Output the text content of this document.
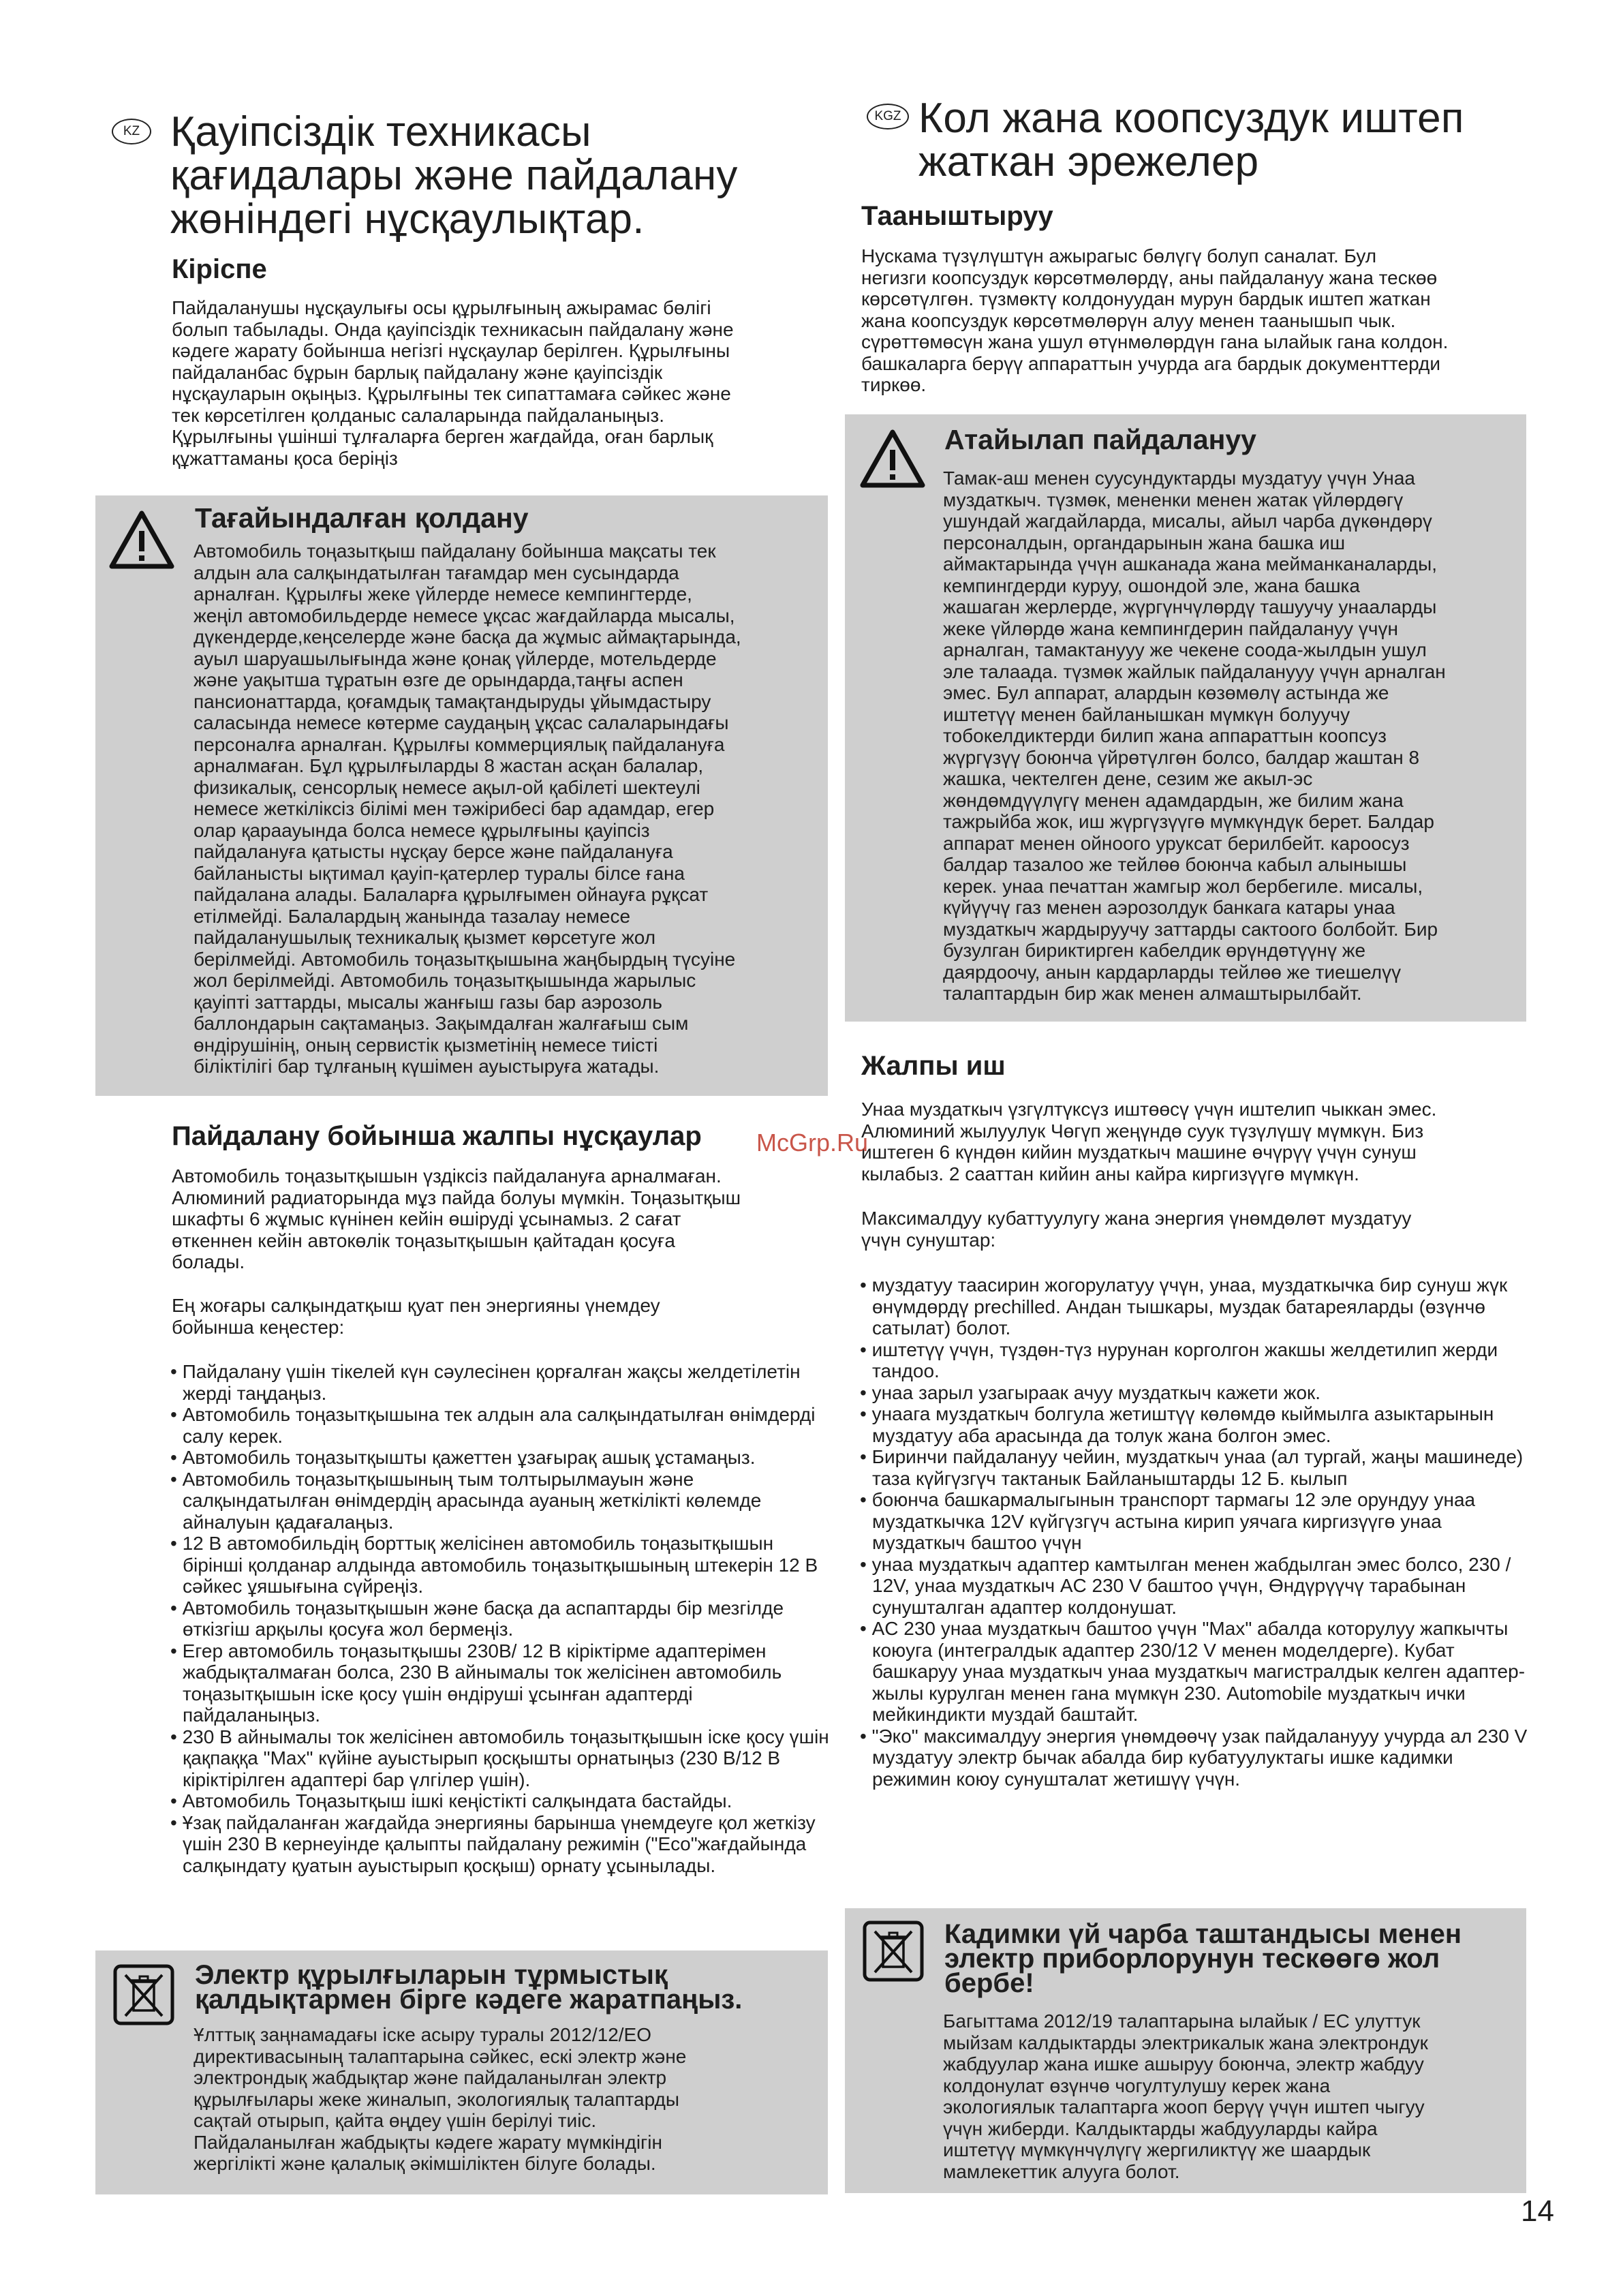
KZ Қауіпсіздік техникасы
қағидалары және пайдалану
жөніндегі нұсқаулықтар.
Кіріспе

Пайдаланушы нұсқаулығы осы құрылғының ажырамас бөлігі
болып табылады. Онда қауіпсіздік техникасын пайдалану және
кәдеге жарату бойынша негізгі нұсқаулар берілген. Құрылғыны
пайдаланбас бұрын барлық пайдалану және қауіпсіздік
нұсқауларын оқыңыз. Құрылғыны тек сипаттамаға сәйкес және
тек көрсетілген қолданыс салаларында пайдаланыңыз.
Құрылғыны үшінші тұлғаларға берген жағдайда, оған барлық
құжаттаманы қоса беріңіз

Тағайындалған қолдану

Автомобиль тоңазытқыш пайдалану бойынша мақсаты тек
алдын ала салқындатылған тағамдар мен сусындарда
арналған. Құрылғы жеке үйлерде немесе кемпингтерде,
жеңіл автомобильдерде немесе ұқсас жағдайларда мысалы,
дүкендерде,кеңселерде және басқа да жұмыс аймақтарында,
ауыл шаруашылығында және қонақ үйлерде, мотельдерде
және уақытша тұратын өзге де орындарда,таңғы аспен
пансионаттарда, қоғамдық тамақтандыруды ұйымдастыру
саласында немесе көтерме саудаңың ұқсас салаларындағы
персоналға арналған. Құрылғы коммерциялық пайдалануға
арналмаған. Бұл құрылғыларды 8 жастан асқан балалар,
физикалық, сенсорлық немесе ақыл-ой қабілеті шектеулі
немесе жеткіліксіз білімі мен тәжірибесі бар адамдар, егер
олар қараауында болса немесе құрылғыны қауіпсіз
пайдалануға қатысты нұсқау берсе және пайдалануға
байланысты ықтимал қауіп-қатерлер туралы білсе ғана
пайдалана алады. Балаларға құрылғымен ойнауға рұқсат
етілмейді. Балалардың жанында тазалау немесе
пайдаланушылық техникалық қызмет көрсетуге жол
берілмейді. Автомобиль тоңазытқышына жаңбырдың түсуіне
жол берілмейді. Автомобиль тоңазытқышында жарылыс
қауіпті заттарды, мысалы жанғыш газы бар аэрозоль
баллондарын сақтамаңыз. Зақымдалған жалғағыш сым
өндірушінің, оның сервистік қызметінің немесе тиісті
біліктілігі бар тұлғаның күшімен ауыстыруға жатады.

Пайдалану бойынша жалпы нұсқаулар

Автомобиль тоңазытқышын үздіксіз пайдалануға арналмаған.
Алюминий радиаторында мұз пайда болуы мүмкін. Тоңазытқыш
шкафты 6 жұмыс күнінен кейін өшіруді ұсынамыз. 2 сағат
өткеннен кейін автокөлік тоңазытқышын қайтадан қосуға
болады.

Ең жоғары салқындатқыш қуат пен энергияны үнемдеу
бойынша кеңестер:

• Пайдалану үшін тікелей күн сәулесінен қорғалған жақсы желдетілетін жерді таңдаңыз.
• Автомобиль тоңазытқышына тек алдын ала салқындатылған өнімдерді салу керек.
• Автомобиль тоңазытқышты қажеттен ұзағырақ ашық ұстамаңыз.
• Автомобиль тоңазытқышының тым толтырылмауын және салқындатылған өнімдердің арасында ауаның жеткілікті көлемде айналуын қадағалаңыз.
• 12 В автомобильдің борттық желісінен автомобиль тоңазытқышын бірінші қолданар алдында автомобиль тоңазытқышының штекерін 12 В сәйкес ұяшығына сүйреңіз.
• Автомобиль тоңазытқышын және басқа да аспаптарды бір мезгілде өткізгіш арқылы қосуға жол бермеңіз.
• Егер автомобиль тоңазытқышы 230В/ 12 В кіріктірме адаптерімен жабдықталмаған болса, 230 В айнымалы ток желісінен автомобиль тоңазытқышын іске қосу үшін өндіруші ұсынған адаптерді пайдаланыңыз.
• 230 В айнымалы ток желісінен автомобиль тоңазытқышын іске қосу үшін қақпаққа "Max" күйіне ауыстырып қосқышты орнатыңыз (230 В/12 В кіріктірілген адаптері бар үлгілер үшін).
• Автомобиль Тоңазытқыш ішкі кеңістікті салқындата бастайды.
• Ұзақ пайдаланған жағдайда энергияны барынша үнемдеуге қол жеткізу үшін 230 В кернеуінде қалыпты пайдалану режимін ("Eco"жағдайында салқындату қуатын ауыстырып қосқыш) орнату ұсынылады.
Электр құрылғыларын тұрмыстық
қалдықтармен бірге кәдеге жаратпаңыз.

Ұлттық заңнамадағы іске асыру туралы 2012/12/ЕО
директивасының талаптарына сәйкес, ескі электр және
электрондық жабдықтар және пайдаланылған электр
құрылғылары жеке жиналып, экологиялық талаптарды
сақтай отырып, қайта өңдеу үшін берілуі тиіс.
Пайдаланылған жабдықты кәдеге жарату мүмкіндігін
жергілікті және қалалық әкімшіліктен білуге болады.

KGZ Кол жана коопсуздук иштеп
жаткан эрежелер
Тааныштыруу

Нускама түзүлүштүн ажырагыс бөлүгү болуп саналат. Бул
негизги коопсуздук көрсөтмөлөрдү, аны пайдалануу жана тескөө
көрсөтүлгөн. түзмөктү колдонуудан мурун бардык иштеп жаткан
жана коопсуздук көрсөтмөлөрүн алуу менен таанышып чык.
сүрөттөмөсүн жана ушул өтүнмөлөрдүн гана ылайык гана колдон.
башкаларга берүү аппараттын учурда ага бардык документтерди
тиркөө.

Атайылап пайдалануу

Тамак-аш менен суусундуктарды муздатуу үчүн Унаа
муздаткыч. түзмөк, мененки менен жатак үйлөрдөгү
ушундай жагдайларда, мисалы, айыл чарба дүкөндөрү
персоналдын, органдарынын жана башка иш
аймактарында үчүн ашканада жана мейманканаларды,
кемпингдерди куруу, ошондой эле, жана башка
жашаган жерлерде, жүргүнчүлөрдү ташуучу унааларды
жеке үйлөрдө жана кемпингдерин пайдалануу үчүн
арналган, тамактанууу же чекене соода-жылдын ушул
эле талаада. түзмөк жайлык пайдаланууу үчүн арналган
эмес. Бул аппарат, алардын көзөмөлү астында же
иштетүү менен байланышкан мүмкүн болуучу
тобокелдиктерди билип жана аппараттын коопсуз
жүргүзүү боюнча үйрөтүлгөн болсо, балдар жаштан 8
жашка, чектелген дене, сезим же акыл-эс
жөндөмдүүлүгү менен адамдардын, же билим жана
тажрыйба жок, иш жүргүзүүгө мүмкүндүк берет. Балдар
аппарат менен ойноого уруксат берилбейт. кароосуз
балдар тазалоо же тейлөө боюнча кабыл алынышы
керек. унаа печаттан жамгыр жол бербегиле. мисалы,
күйүүчү газ менен аэрозолдук банкага катары унаа
муздаткыч жардыруучу заттарды сактоого болбойт. Бир
бузулган бириктирген кабелдик өрүндөтүүнү же
даярдоочу, анын кардарларды тейлөө же тиешелүү
талаптардын бир жак менен алмаштырылбайт.

Жалпы иш

Унаа муздаткыч үзгүлтүксүз иштөөсү үчүн иштелип чыккан эмес.
Алюминий жылуулук Чөгүп жеңүндө суук түзүлүшү мүмкүн. Биз
иштеген 6 күндөн кийин муздаткыч машине өчүрүү үчүн сунуш
кылабыз. 2 сааттан кийин аны кайра киргизүүгө мүмкүн.

Максималдуу кубаттуулугу жана энергия үнөмдөлөт муздатуу
үчүн сунуштар:

• муздатуу таасирин жогорулатуу үчүн, унаа, муздаткычка бир сунуш жүк өнүмдөрдү prechilled. Андан тышкары, муздак батареяларды (өзүнчө сатылат) болот.
• иштетүү үчүн, түздөн-түз нурунан корголгон жакшы желдетилип жерди тандоо.
• унаа зарыл узагыраак ачуу муздаткыч кажети жок.
• унаага муздаткыч болгула жетиштүү көлөмдө кыймылга азыктарынын муздатуу аба арасында да толук жана болгон эмес.
• Биринчи пайдалануу чейин, муздаткыч унаа (ал тургай, жаңы машинеде) таза күйгүзгүч тактанык Байланыштарды 12 Б. кылып
• боюнча башкармалыгынын транспорт тармагы 12 эле орундуу унаа муздаткычка 12V күйгүзгүч астына кирип уячага киргизүүгө унаа муздаткыч баштоо үчүн
• унаа муздаткыч адаптер камтылган менен жабдылган эмес болсо, 230 / 12V, унаа муздаткыч AC 230 V баштоо үчүн, Өндүрүүчү тарабынан сунушталган адаптер колдонушат.
• AC 230 унаа муздаткыч баштоо үчүн "Max" абалда которулуу жапкычты коюуга (интегралдык адаптер 230/12 V менен моделдерге). Кубат башкаруу унаа муздаткыч унаа муздаткыч магистралдык келген адаптер-жылы курулган менен гана мүмкүн 230. Automobile муздаткыч ички мейкиндикти муздай баштайт.
• "Эко" максималдуу энергия үнөмдөөчү узак пайдаланууу учурда ал 230 V муздатуу электр бычак абалда бир кубатуулуктагы ишке кадимки режимин коюу сунушталат жетишүү үчүн.
Кадимки үй чарба таштандысы менен
электр приборлорунун тескөөгө жол
бербе!

Багыттама 2012/19 талаптарына ылайык / ЕС улуттук
мыйзам калдыктарды электрикалык жана электрондук
жабдуулар жана ишке ашыруу боюнча, электр жабдуу
колдонулат өзүнчө чогултулушу керек жана
экологиялык талаптарга жооп берүү үчүн иштеп чыгуу
үчүн жиберди. Калдыктарды жабдууларды кайра
иштетүү мүмкүнчүлүгү жергиликтүү же шаардык
мамлекеттик алууга болот.

McGrp.Ru
14
